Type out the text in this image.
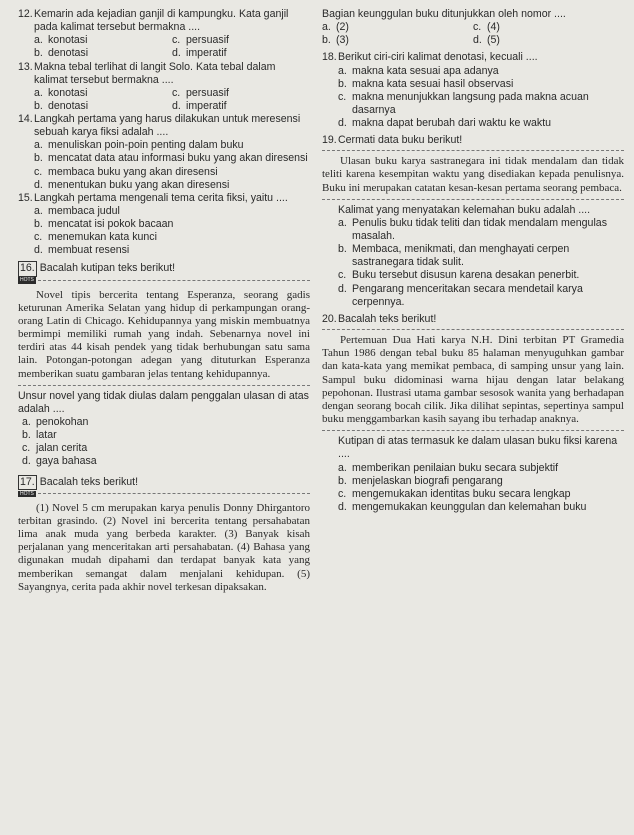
12. Kemarin ada kejadian ganjil di kampungku. Kata ganjil pada kalimat tersebut bermakna ....
a. konotasi	c. persuasif
b. denotasi	d. imperatif
13. Makna tebal terlihat di langit Solo. Kata tebal dalam kalimat tersebut bermakna ....
a. konotasi	c. persuasif
b. denotasi	d. imperatif
14. Langkah pertama yang harus dilakukan untuk meresensi sebuah karya fiksi adalah ....
a. menuliskan poin-poin penting dalam buku
b. mencatat data atau informasi buku yang akan diresensi
c. membaca buku yang akan diresensi
d. menentukan buku yang akan diresensi
15. Langkah pertama mengenali tema cerita fiksi, yaitu ....
a. membaca judul
b. mencatat isi pokok bacaan
c. menemukan kata kunci
d. membuat resensi
16. Bacalah kutipan teks berikut!
HOTS
Novel tipis bercerita tentang Esperanza, seorang gadis keturunan Amerika Selatan yang hidup di perkampungan orang-orang Latin di Chicago. Kehidupannya yang miskin membuatnya bermimpi memiliki rumah yang indah. Sebenarnya novel ini terdiri atas 44 kisah pendek yang tidak berhubungan satu sama lain. Potongan-potongan adegan yang dituturkan Esperanza memberikan suatu gambaran jelas tentang kehidupannya.
Unsur novel yang tidak diulas dalam penggalan ulasan di atas adalah ....
a. penokohan
b. latar
c. jalan cerita
d. gaya bahasa
17. Bacalah teks berikut!
HOTS
(1) Novel 5 cm merupakan karya penulis Donny Dhirgantoro terbitan grasindo. (2) Novel ini bercerita tentang persahabatan lima anak muda yang berbeda karakter. (3) Banyak kisah perjalanan yang menceritakan arti persahabatan. (4) Bahasa yang digunakan mudah dipahami dan terdapat banyak kata yang memberikan semangat dalam menjalani kehidupan. (5) Sayangnya, cerita pada akhir novel terkesan dipaksakan.
Bagian keunggulan buku ditunjukkan oleh nomor ....
a. (2)	c. (4)
b. (3)	d. (5)
18. Berikut ciri-ciri kalimat denotasi, kecuali ....
a. makna kata sesuai apa adanya
b. makna kata sesuai hasil observasi
c. makna menunjukkan langsung pada makna acuan dasarnya
d. makna dapat berubah dari waktu ke waktu
19. Cermati data buku berikut!
Ulasan buku karya sastranegara ini tidak mendalam dan tidak teliti karena kesempitan waktu yang disediakan kepada penulisnya. Buku ini merupakan catatan kesan-kesan pertama seorang pembaca.
Kalimat yang menyatakan kelemahan buku adalah ....
a. Penulis buku tidak teliti dan tidak mendalam mengulas masalah.
b. Membaca, menikmati, dan menghayati cerpen sastranegara tidak sulit.
c. Buku tersebut disusun karena desakan penerbit.
d. Pengarang menceritakan secara mendetail karya cerpennya.
20. Bacalah teks berikut!
Pertemuan Dua Hati karya N.H. Dini terbitan PT Gramedia Tahun 1986 dengan tebal buku 85 halaman menyuguhkan gambar dan kata-kata yang memikat pembaca, di samping unsur yang lain. Sampul buku didominasi warna hijau dengan latar belakang pepohonan. Ilustrasi utama gambar sesosok wanita yang berhadapan dengan seorang bocah cilik. Jika dilihat sepintas, sepertinya sampul buku menggambarkan kasih sayang ibu terhadap anaknya.
Kutipan di atas termasuk ke dalam ulasan buku fiksi karena ....
a. memberikan penilaian buku secara subjektif
b. menjelaskan biografi pengarang
c. mengemukakan identitas buku secara lengkap
d. mengemukakan keunggulan dan kelemahan buku
